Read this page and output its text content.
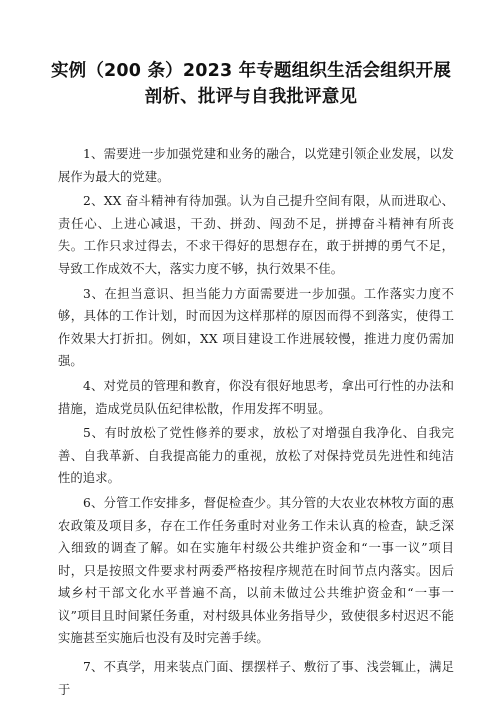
实例（200 条）2023 年专题组织生活会组织开展
剖析、批评与自我批评意见

1、需要进一步加强党建和业务的融合，以党建引领企业发展，以发展作为最大的党建。

2、XX 奋斗精神有待加强。认为自己提升空间有限，从而进取心、责任心、上进心减退，干劲、拼劲、闯劲不足，拼搏奋斗精神有所丧失。工作只求过得去，不求干得好的思想存在，敢于拼搏的勇气不足，导致工作成效不大，落实力度不够，执行效果不佳。

3、在担当意识、担当能力方面需要进一步加强。工作落实力度不够，具体的工作计划，时而因为这样那样的原因而得不到落实，使得工作效果大打折扣。例如，XX 项目建设工作进展较慢，推进力度仍需加强。

4、对党员的管理和教育，你没有很好地思考，拿出可行性的办法和措施，造成党员队伍纪律松散，作用发挥不明显。

5、有时放松了党性修养的要求，放松了对增强自我净化、自我完善、自我革新、自我提高能力的重视，放松了对保持党员先进性和纯洁性的追求。

6、分管工作安排多，督促检查少。其分管的大农业农林牧方面的惠农政策及项目多，存在工作任务重时对业务工作未认真的检查，缺乏深入细致的调查了解。如在实施年村级公共维护资金和“一事一议”项目时，只是按照文件要求村两委严格按程序规范在时间节点内落实。因后域乡村干部文化水平普遍不高，以前未做过公共维护资金和“一事一议”项目且时间紧任务重，对村级具体业务指导少，致使很多村迟迟不能实施甚至实施后也没有及时完善手续。

7、不真学，用来装点门面、摆摆样子、敷衍了事、浅尝辄止，满足于
